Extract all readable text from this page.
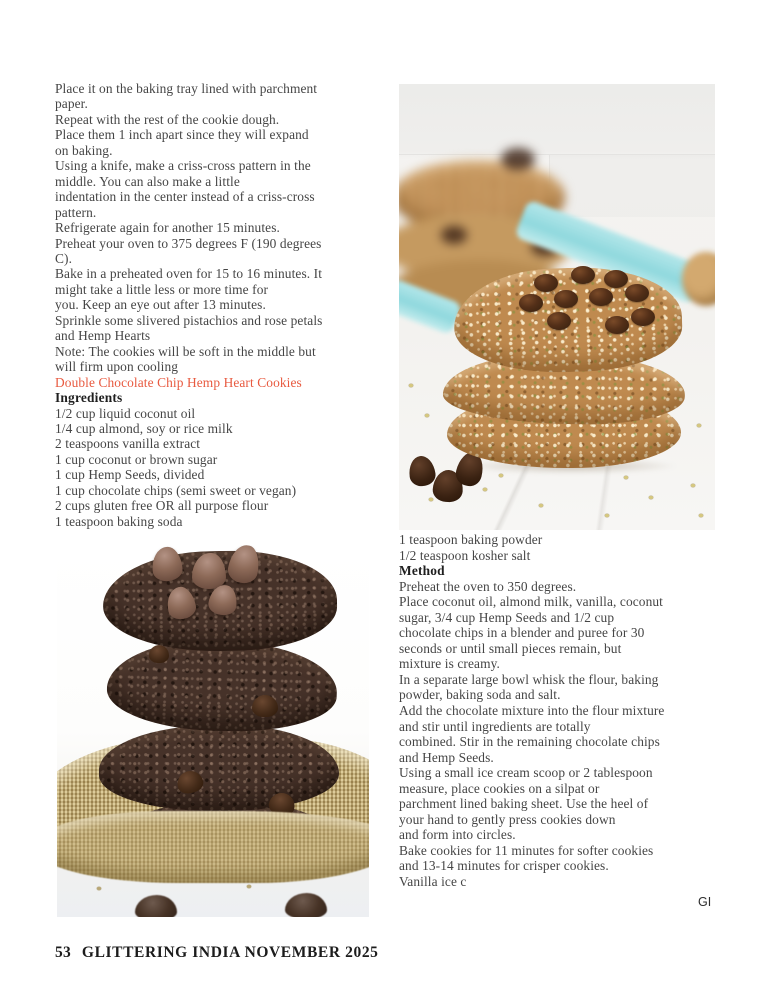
Place it on the baking tray lined with parchment
paper.
Repeat with the rest of the cookie dough.
Place them 1 inch apart since they will expand
on baking.
Using a knife, make a criss-cross pattern in the
middle. You can also make a little
indentation in the center instead of a criss-cross
pattern.
Refrigerate again for another 15 minutes.
Preheat your oven to 375 degrees F (190 degrees
C).
Bake in a preheated oven for 15 to 16 minutes. It
might take a little less or more time for
you. Keep an eye out after 13 minutes.
Sprinkle some slivered pistachios and rose petals
and Hemp Hearts
Note: The cookies will be soft in the middle but
will firm upon cooling
Double Chocolate Chip Hemp Heart Cookies
Ingredients
1/2 cup liquid coconut oil
1/4 cup almond, soy or rice milk
2 teaspoons vanilla extract
1 cup coconut or brown sugar
1 cup Hemp Seeds, divided
1 cup chocolate chips (semi sweet or vegan)
2 cups gluten free OR all purpose flour
1 teaspoon baking soda
1 teaspoon baking powder
1/2 teaspoon kosher salt
Method
Preheat the oven to 350 degrees.
Place coconut oil, almond milk, vanilla, coconut
sugar, 3/4 cup Hemp Seeds and 1/2 cup
chocolate chips in a blender and puree for 30
seconds or until small pieces remain, but
mixture is creamy.
In a separate large bowl whisk the flour, baking
powder, baking soda and salt.
Add the chocolate mixture into the flour mixture
and stir until ingredients are totally
combined. Stir in the remaining chocolate chips
and Hemp Seeds.
Using a small ice cream scoop or 2 tablespoon
measure, place cookies on a silpat or
parchment lined baking sheet. Use the heel of
your hand to gently press cookies down
and form into circles.
Bake cookies for 11 minutes for softer cookies
and 13-14 minutes for crisper cookies.
Vanilla ice c
GI
53 GLITTERING INDIA NOVEMBER 2025
